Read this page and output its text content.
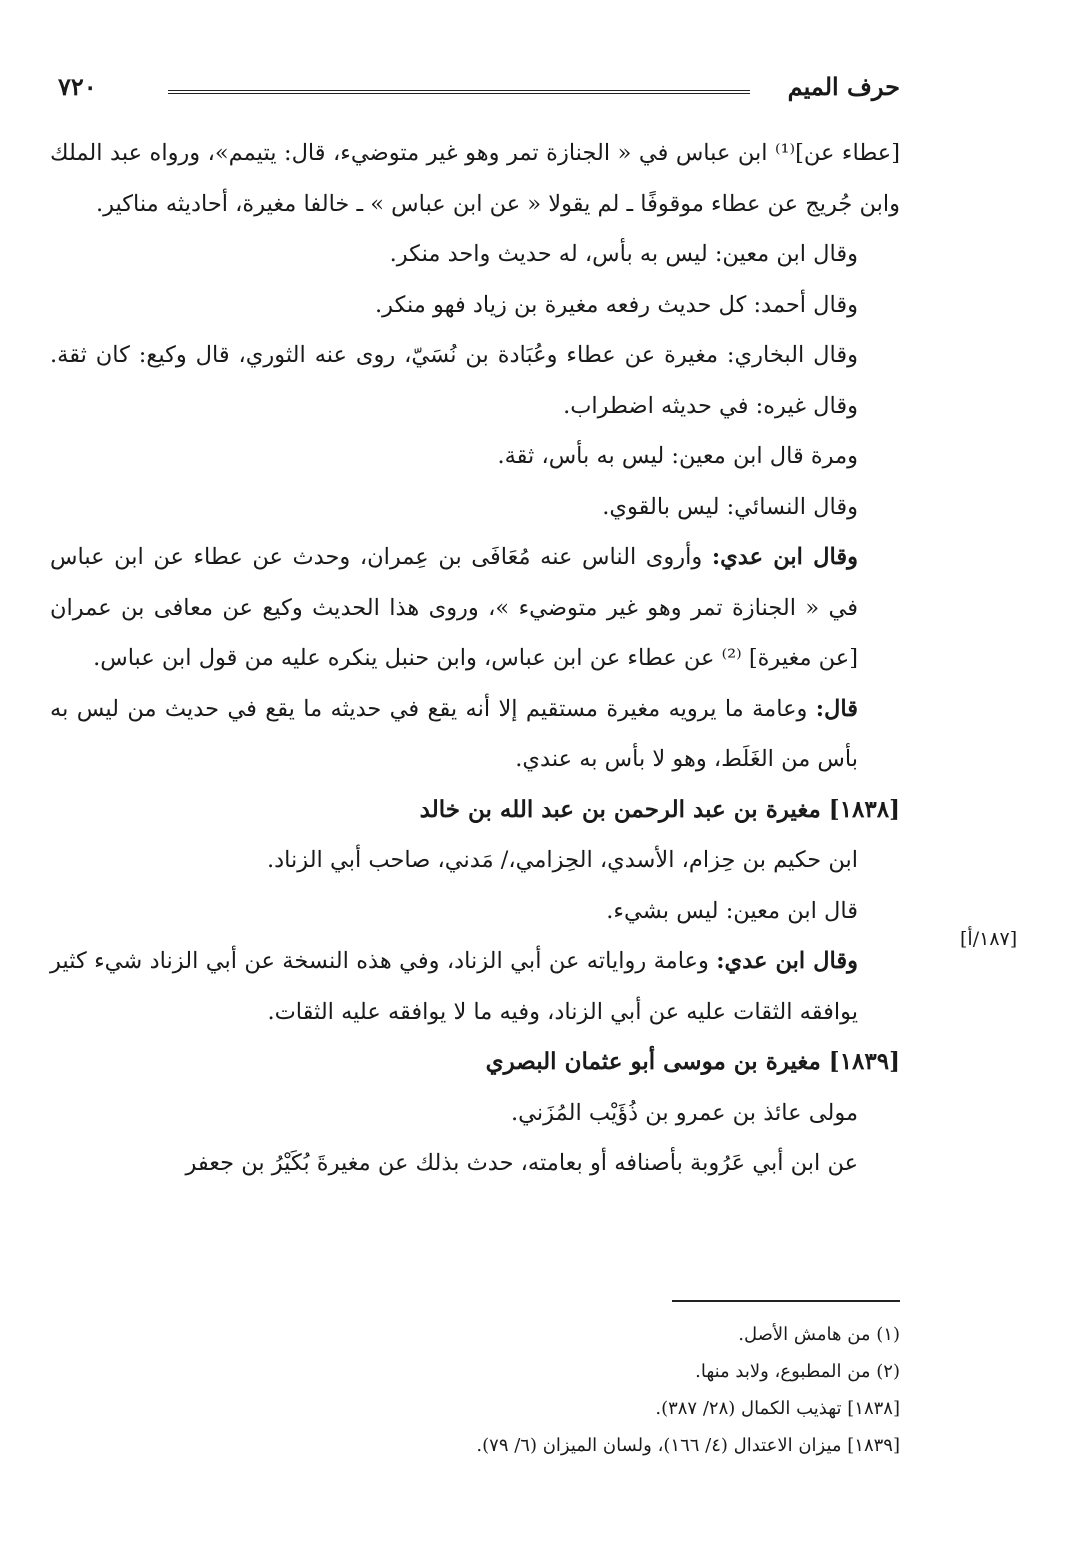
٧٢٠	حرف الميم
[١٨٧/أ]

[عطاء عن]⁽¹⁾ ابن عباس في « الجنازة تمر وهو غير متوضيء، قال: يتيمم»، ورواه عبد الملك وابن جُريج عن عطاء موقوفًا ـ لم يقولا « عن ابن عباس » ـ خالفا مغيرة، أحاديثه مناكير.

وقال ابن معين: ليس به بأس، له حديث واحد منكر.

وقال أحمد: كل حديث رفعه مغيرة بن زياد فهو منكر.

وقال البخاري: مغيرة عن عطاء وعُبَادة بن نُسَيّ، روى عنه الثوري، قال وكيع: كان ثقة. وقال غيره: في حديثه اضطراب.

ومرة قال ابن معين: ليس به بأس، ثقة.

وقال النسائي: ليس بالقوي.

وقال ابن عدي: وأروى الناس عنه مُعَافَى بن عِمران، وحدث عن عطاء عن ابن عباس في « الجنازة تمر وهو غير متوضيء »، وروى هذا الحديث وكيع عن معافى بن عمران [عن مغيرة] ⁽²⁾ عن عطاء عن ابن عباس، وابن حنبل ينكره عليه من قول ابن عباس.

قال: وعامة ما يرويه مغيرة مستقيم إلا أنه يقع في حديثه ما يقع في حديث من ليس به بأس من الغَلَط، وهو لا بأس به عندي.

[١٨٣٨] مغيرة بن عبد الرحمن بن عبد الله بن خالد

ابن حكيم بن حِزام، الأسدي، الحِزامي،/ مَدني، صاحب أبي الزناد.

قال ابن معين: ليس بشيء.

وقال ابن عدي: وعامة رواياته عن أبي الزناد، وفي هذه النسخة عن أبي الزناد شيء كثير يوافقه الثقات عليه عن أبي الزناد، وفيه ما لا يوافقه عليه الثقات.

[١٨٣٩] مغيرة بن موسى أبو عثمان البصري

مولى عائذ بن عمرو بن ذُؤَيْب المُزَني.

عن ابن أبي عَرُوبة بأصنافه أو بعامته، حدث بذلك عن مغيرةَ بُكَيْرُ بن جعفر

(١) من هامش الأصل.

(٢) من المطبوع، ولابد منها.

[١٨٣٨] تهذيب الكمال (٢٨/ ٣٨٧).

[١٨٣٩] ميزان الاعتدال (٤/ ١٦٦)، ولسان الميزان (٦/ ٧٩).
